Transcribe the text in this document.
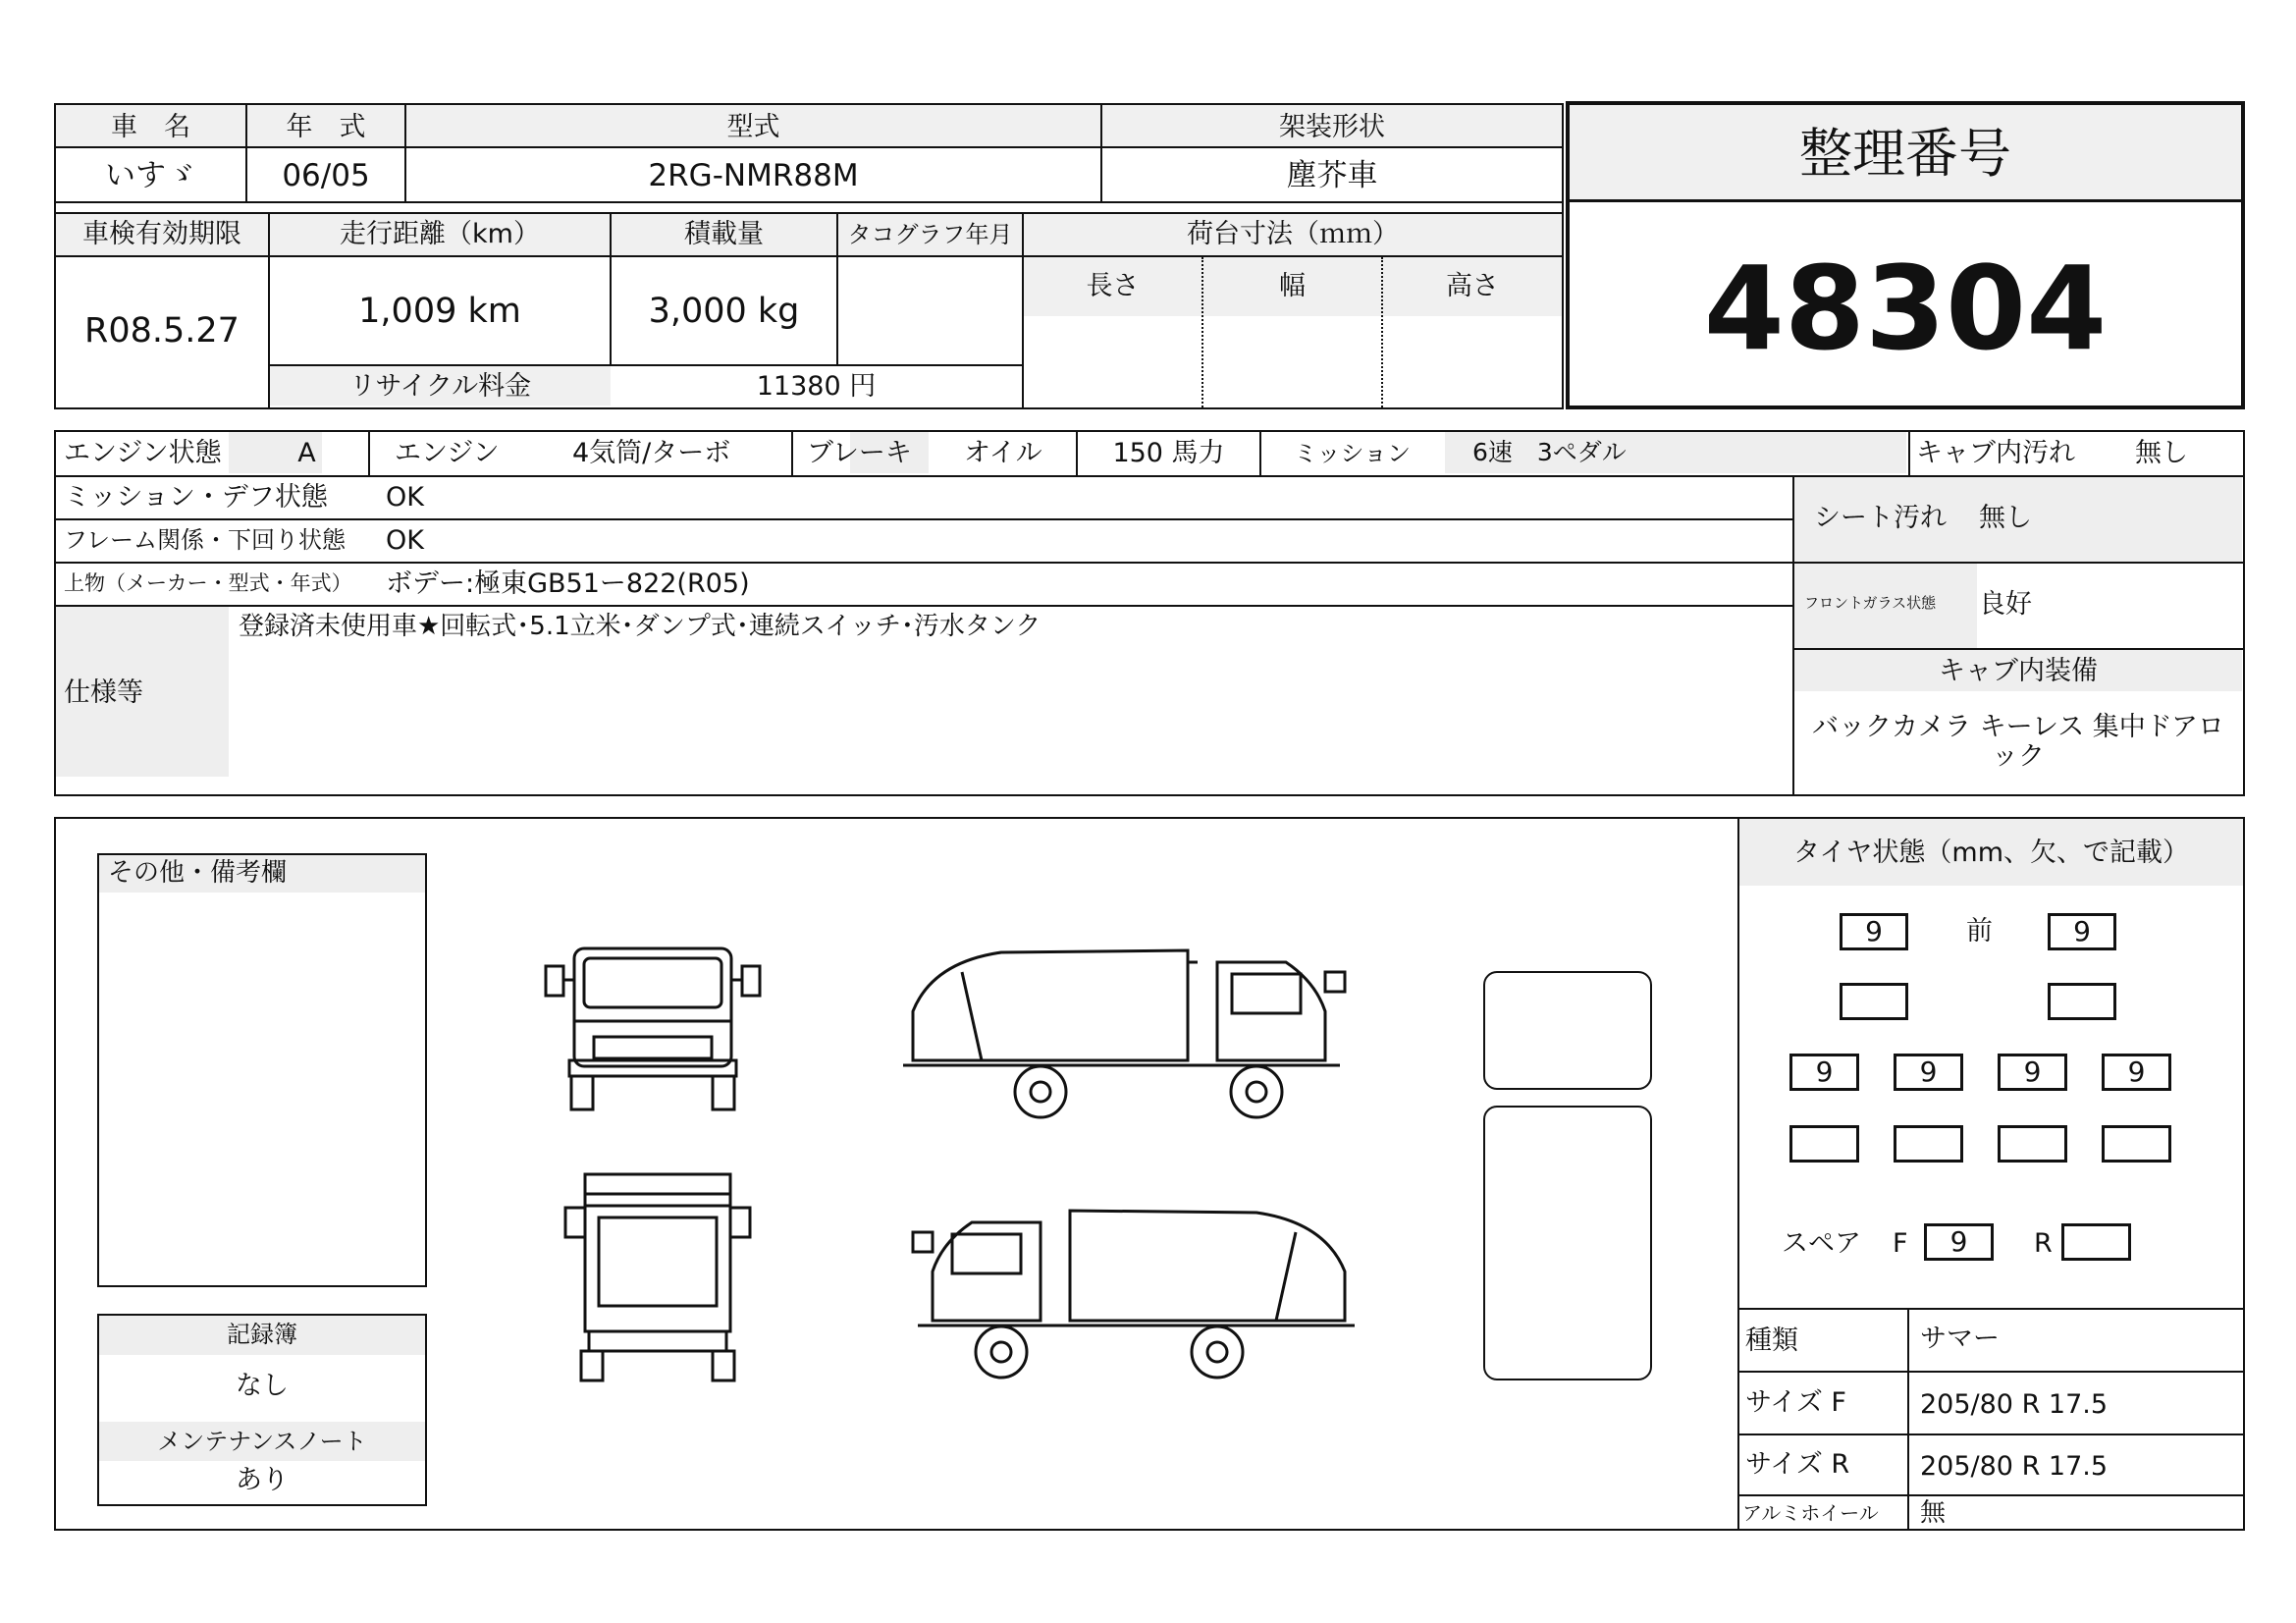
車　名	年　式	型式	架装形状
いすゞ	06/05	2RG-NMR88M	塵芥車
車検有効期限	走行距離（km）	積載量	タコグラフ年月	荷台寸法（ｍｍ）
R08.5.27	1,009 km	3,000 kg
長さ	幅	高さ
リサイクル料金	11380 円
整理番号
48304
エンジン状態	A	エンジン	4気筒/ターボ	ブレーキ オイル	150 馬力	ミッション	6速　3ペダル	キャブ内汚れ 無し
ミッション・デフ状態 OK
フレーム関係・下回り状態 OK
上物（メーカー・型式・年式） ボデー:極東GB51ー822(R05)
仕様等
登録済未使用車★回転式･5.1立米･ダンプ式･連続スイッチ･汚水タンク
シート汚れ 無し
フロントガラス状態 良好
キャブ内装備
バックカメラ キーレス 集中ドアロ
ック
その他・備考欄
記録簿
なし
メンテナンスノート
あり
タイヤ状態（mm、欠、で記載）
9	前	9
9	9	9	9
スペア F	9	R
種類	サマー
サイズ F	205/80 R 17.5
サイズ R	205/80 R 17.5
アルミホイール 無
